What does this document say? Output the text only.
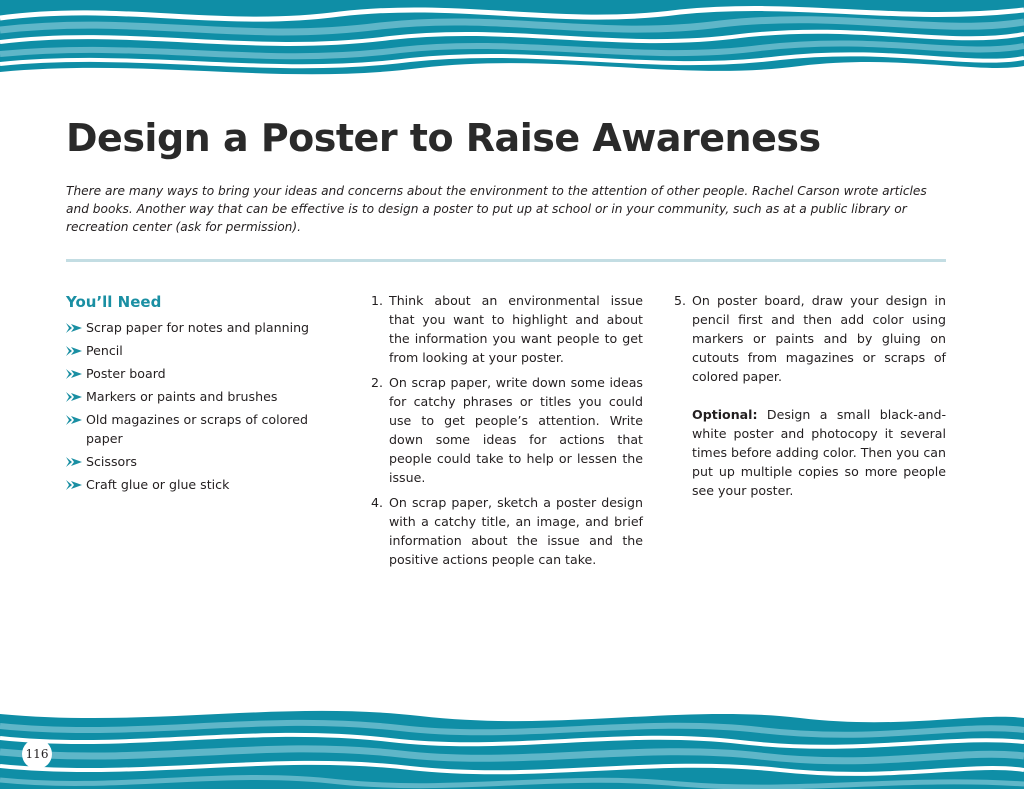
Design a Poster to Raise Awareness

There are many ways to bring your ideas and concerns about the environment to the attention of other people. Rachel Carson wrote articles and books. Another way that can be effective is to design a poster to put up at school or in your community, such as at a public library or recreation center (ask for permission).

You’ll Need
Scrap paper for notes and planning
Pencil
Poster board
Markers or paints and brushes
Old magazines or scraps of colored paper
Scissors
Craft glue or glue stick
1. Think about an environmental issue that you want to highlight and about the information you want people to get from looking at your poster.
2. On scrap paper, write down some ideas for catchy phrases or titles you could use to get people’s attention. Write down some ideas for actions that people could take to help or lessen the issue.
4. On scrap paper, sketch a poster design with a catchy title, an image, and brief information about the issue and the positive actions people can take.
5. On poster board, draw your design in pencil first and then add color using markers or paints and by gluing on cutouts from magazines or scraps of colored paper.

Optional: Design a small black-and-white poster and photocopy it several times before adding color. Then you can put up multiple copies so more people see your poster.

116
